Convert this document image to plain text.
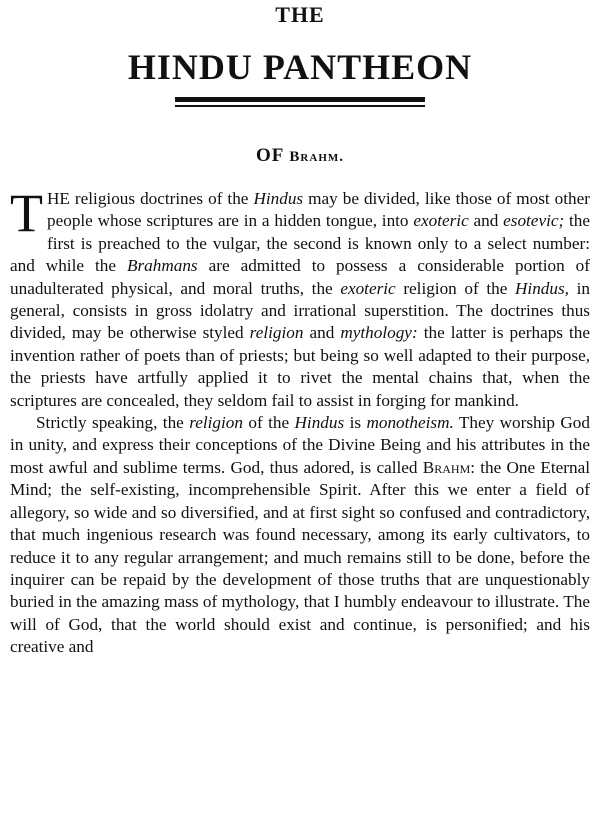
THE
HINDU PANTHEON
OF Brahm.

THE religious doctrines of the Hindus may be divided, like those of most other people whose scriptures are in a hidden tongue, into exoteric and esotevic; the first is preached to the vulgar, the second is known only to a select number: and while the Brahmans are admitted to possess a considerable portion of unadulterated physical, and moral truths, the exoteric religion of the Hindus, in general, consists in gross idolatry and irrational superstition. The doctrines thus divided, may be otherwise styled religion and mythology: the latter is perhaps the invention rather of poets than of priests; but being so well adapted to their purpose, the priests have artfully applied it to rivet the mental chains that, when the scriptures are concealed, they seldom fail to assist in forging for mankind.

Strictly speaking, the religion of the Hindus is monotheism. They worship God in unity, and express their conceptions of the Divine Being and his attributes in the most awful and sublime terms. God, thus adored, is called Brahm: the One Eternal Mind; the self-existing, incomprehensible Spirit. After this we enter a field of allegory, so wide and so diversified, and at first sight so confused and contradictory, that much ingenious research was found necessary, among its early cultivators, to reduce it to any regular arrangement; and much remains still to be done, before the inquirer can be repaid by the development of those truths that are unquestionably buried in the amazing mass of mythology, that I humbly endeavour to illustrate. The will of God, that the world should exist and continue, is personified; and his creative and
